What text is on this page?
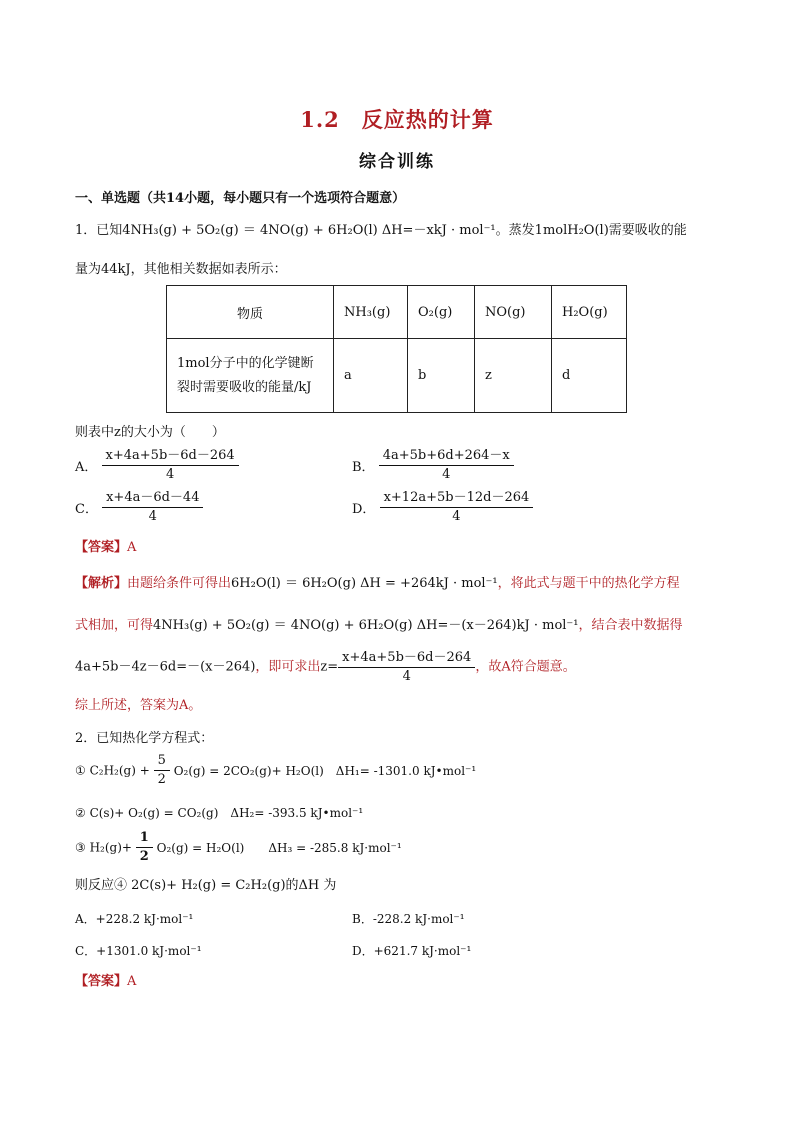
1.2　反应热的计算
综合训练
一、单选题（共14小题，每小题只有一个选项符合题意）
1．已知4NH₃(g) + 5O₂(g) ＝ 4NO(g) + 6H₂O(l) ΔH=－xkJ · mol⁻¹。蒸发1molH₂O(l)需要吸收的能
量为44kJ，其他相关数据如表所示：
物质	NH₃(g)	O₂(g)	NO(g)	H₂O(g)

1mol分子中的化学键断
裂时需要吸收的能量/kJ	a	b	z	d
则表中z的大小为（　　）
A． $\frac{x+4a+5b-6d-264}{4}$	B． $\frac{4a+5b+6d+264-x}{4}$
C． $\frac{x+4a-6d-44}{4}$	D． $\frac{x+12a+5b-12d-264}{4}$
【答案】A
【解析】由题给条件可得出6H₂O(l) ＝ 6H₂O(g) ΔH = +264kJ · mol⁻¹，将此式与题干中的热化学方程
式相加，可得4NH₃(g) + 5O₂(g) ＝ 4NO(g) + 6H₂O(g) ΔH=－(x－264)kJ · mol⁻¹，结合表中数据得
4a+5b－4z－6d=－(x－264)，即可求出$z= \frac{x+4a+5b-6d-264}{4}$ ，故A符合题意。
综上所述，答案为A。
2．已知热化学方程式：
① $C_2H_2(g) + \frac{5}{2} O_2(g) = 2CO_2(g)+ H_2O(l)$　ΔH₁= -1301.0 kJ•mol⁻¹
② C(s)+ O₂(g) = CO₂(g)　ΔH₂= -393.5 kJ•mol⁻¹
③ $H_2(g)+ \frac{1}{2} O_2(g) = H_2O(l)$　　ΔH₃ = -285.8 kJ·mol⁻¹
则反应④ 2C(s)+ H₂(g) = C₂H₂(g)的ΔH 为
A．+228.2 kJ·mol⁻¹	B．-228.2 kJ·mol⁻¹
C．+1301.0 kJ·mol⁻¹	D．+621.7 kJ·mol⁻¹
【答案】A
